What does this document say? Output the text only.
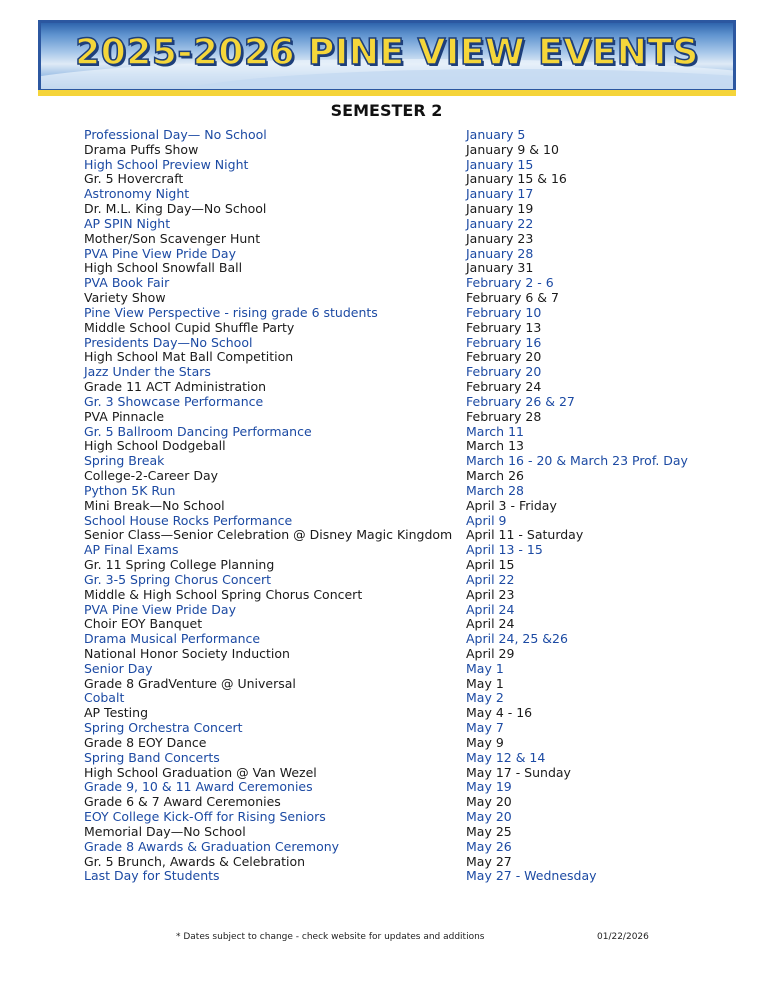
2025-2026 PINE VIEW EVENTS
SEMESTER 2
Professional Day— No School	January 5
Drama Puffs Show	January 9 & 10
High School Preview Night	January 15
Gr. 5 Hovercraft	January 15 & 16
Astronomy Night	January 17
Dr. M.L. King Day—No School	January 19
AP SPIN Night	January 22
Mother/Son Scavenger Hunt	January 23
PVA Pine View Pride Day	January 28
High School Snowfall Ball	January 31
PVA Book Fair	February 2 - 6
Variety Show	February 6 & 7
Pine View Perspective - rising grade 6 students	February 10
Middle School Cupid Shuffle Party	February 13
Presidents Day—No School	February 16
High School Mat Ball Competition	February 20
Jazz Under the Stars	February 20
Grade 11 ACT Administration	February 24
Gr. 3 Showcase Performance	February 26 & 27
PVA Pinnacle	February 28
Gr. 5 Ballroom Dancing Performance	March 11
High School Dodgeball	March 13
Spring Break	March 16 - 20 & March 23 Prof. Day
College-2-Career Day	March 26
Python 5K Run	March 28
Mini Break—No School	April 3 - Friday
School House Rocks Performance	April 9
Senior Class—Senior Celebration @ Disney Magic Kingdom April 11 - Saturday
AP Final Exams	April 13 - 15
Gr. 11 Spring College Planning	April 15
Gr. 3-5 Spring Chorus Concert	April 22
Middle & High School Spring Chorus Concert	April 23
PVA Pine View Pride Day	April 24
Choir EOY Banquet	April 24
Drama Musical Performance	April 24, 25 &26
National Honor Society Induction	April 29
Senior Day	May 1
Grade 8 GradVenture @ Universal	May 1
Cobalt	May 2
AP Testing	May 4 - 16
Spring Orchestra Concert	May 7
Grade 8 EOY Dance	May 9
Spring Band Concerts	May 12 & 14
High School Graduation @ Van Wezel	May 17 - Sunday
Grade 9, 10 & 11 Award Ceremonies	May 19
Grade 6 & 7 Award Ceremonies	May 20
EOY College Kick-Off for Rising Seniors	May 20
Memorial Day—No School	May 25
Grade 8 Awards & Graduation Ceremony	May 26
Gr. 5 Brunch, Awards & Celebration	May 27
Last Day for Students	May 27 - Wednesday
* Dates subject to change - check website for updates and additions	01/22/2026
